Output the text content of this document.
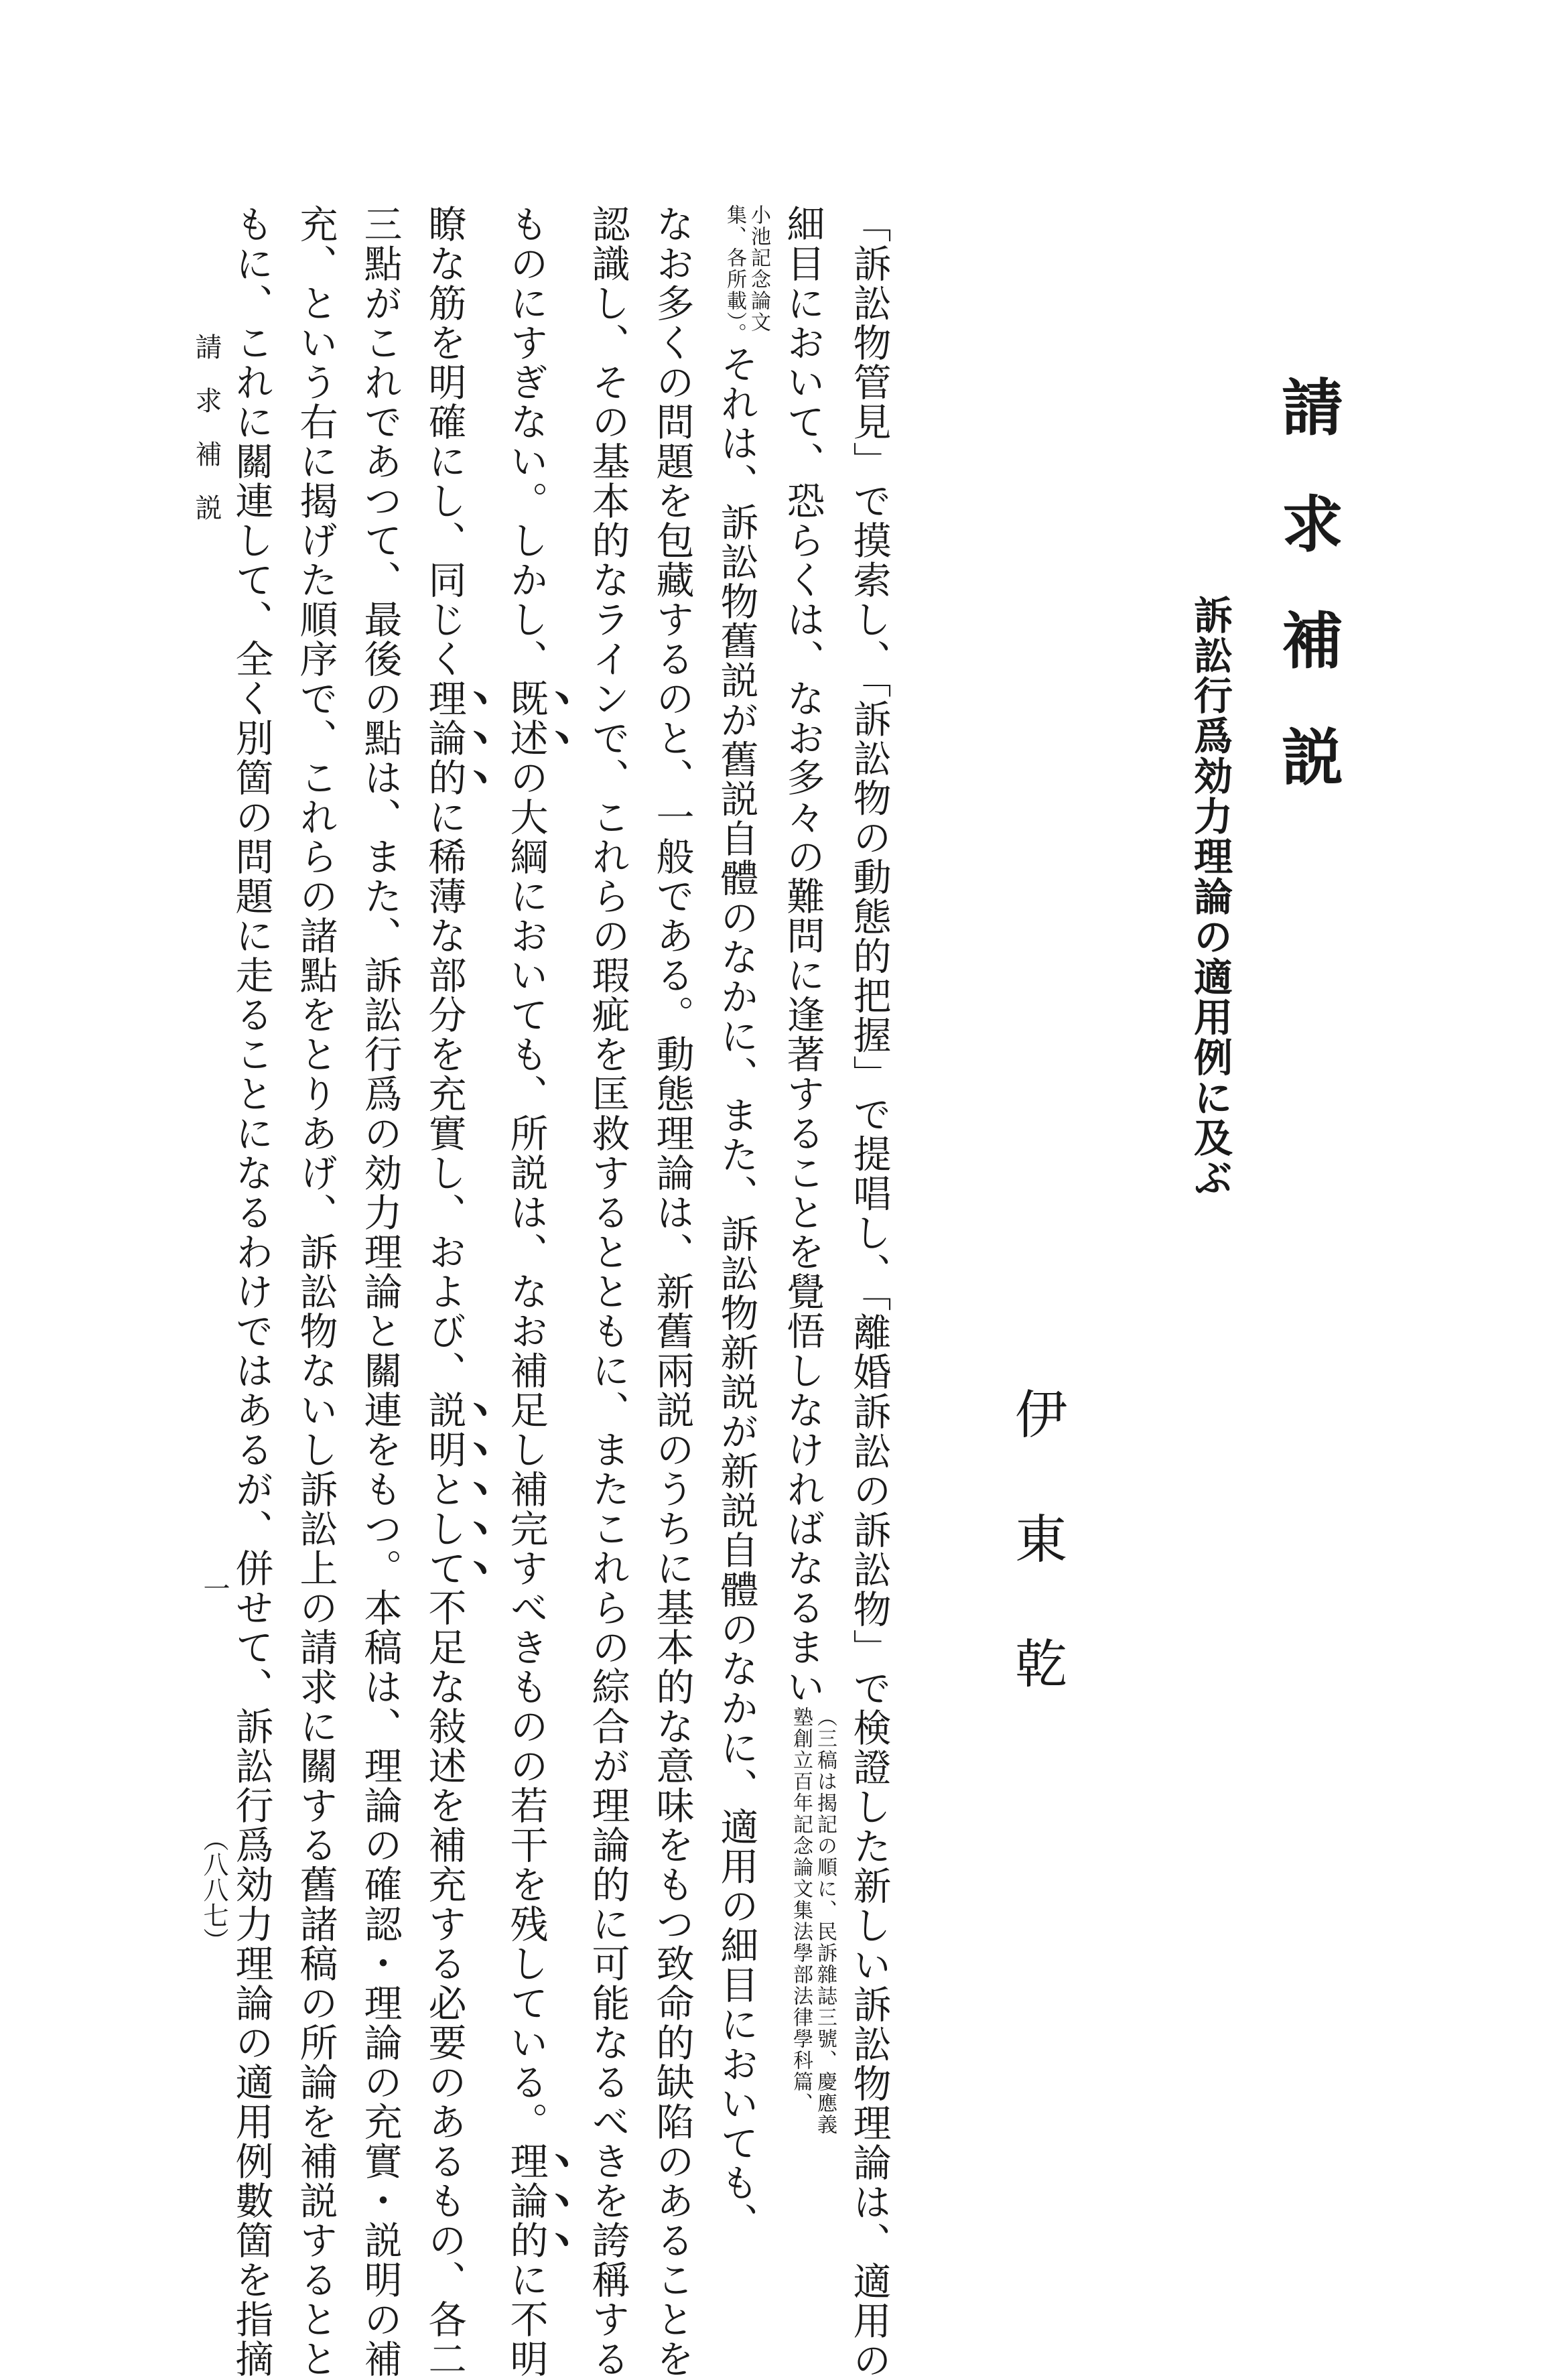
請求補説
訴訟行爲効力理論の適用例に及ぶ
伊東乾
「訴訟物管見」で摸索し、「訴訟物の動態的把握」で提唱し、「離婚訴訟の訴訟物」で検證した新しい訴訟物理論は、適用の
細目において、恐らくは、なお多々の難問に逢著することを覺悟しなければなるまい
（三稿は揭記の順に、民訴雜誌三號、慶應義
塾創立百年記念論文集法學部法律學科篇、
小池記念論文
集、各所載）。
それは、訴訟物舊説が舊説自體のなかに、また、訴訟物新説が新説自體のなかに、適用の細目においても、
なお多くの問題を包藏するのと、一般である。動態理論は、新舊兩説のうちに基本的な意味をもつ致命的缺陷のあることを
認識し、その基本的なラインで、これらの瑕疵を匡救するとともに、またこれらの綜合が理論的に可能なるべきを誇稱する
ものにすぎない。しかし、既述の大綱においても、所説は、なお補足し補完すべきものの若干を残している。理論的に不明
瞭な筋を明確にし、同じく理論的に稀薄な部分を充實し、および、説明として不足な敍述を補充する必要のあるもの、各二
三點がこれであつて、最後の點は、また、訴訟行爲の効力理論と關連をもつ。本稿は、理論の確認・理論の充實・説明の補
充、という右に揭げた順序で、これらの諸點をとりあげ、訴訟物ないし訴訟上の請求に關する舊諸稿の所論を補説するとと
もに、これに關連して、全く別箇の問題に走ることになるわけではあるが、併せて、訴訟行爲効力理論の適用例數箇を指摘
請求補説
一
（八八七）
